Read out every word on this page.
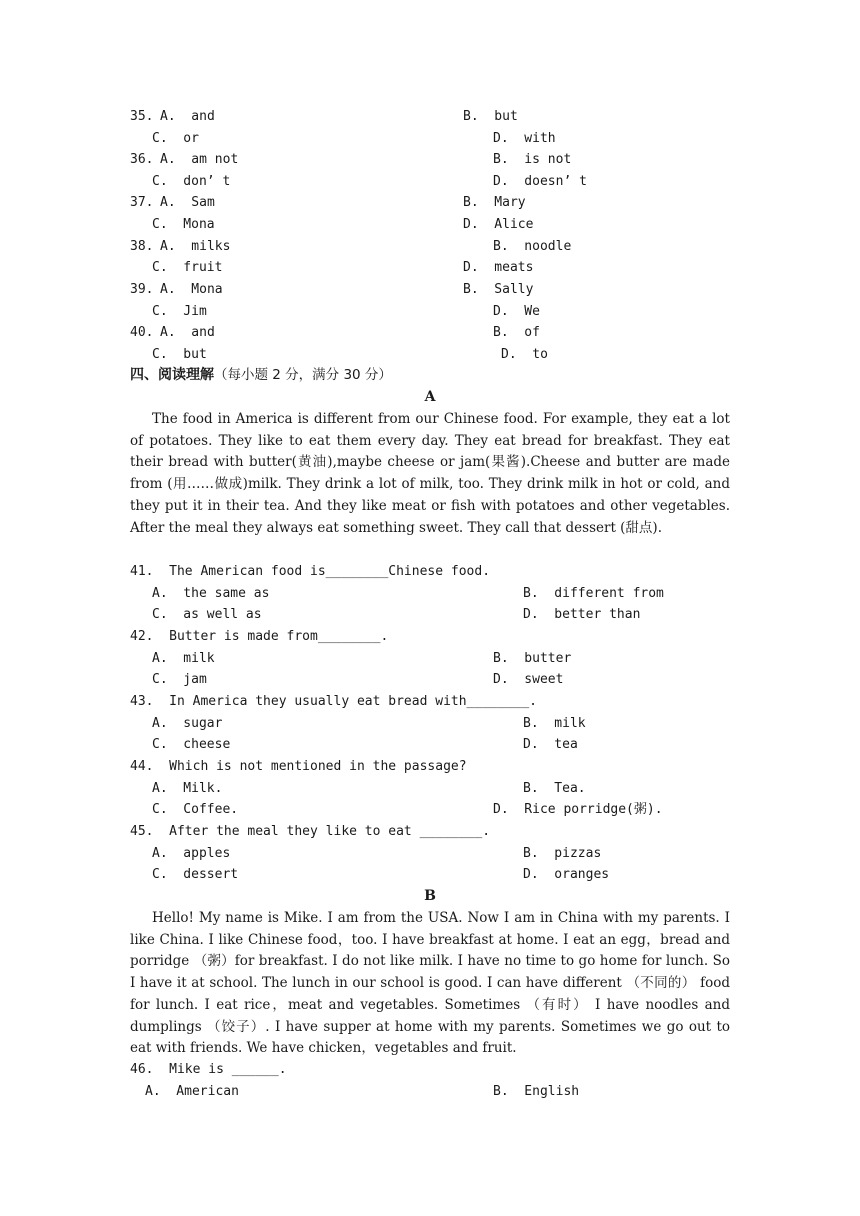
35. A.  and	B.  but
C.  or	D.  with
36. A.  am not	B.  is not
C.  don’ t	D.  doesn’ t
37. A.  Sam	B.  Mary
C.  Mona	D.  Alice
38. A.  milks	B.  noodle
C.  fruit	D.  meats
39. A.  Mona	B.  Sally
C.  Jim	D.  We
40. A.  and	B.  of
C.  but	D.  to
四、阅读理解（每小题 2 分，满分 30 分）
A

The food in America is different from our Chinese food. For example, they eat a lot of potatoes. They like to eat them every day. They eat bread for breakfast. They eat their bread with butter(黄油),maybe cheese or jam(果酱).Cheese and butter are made from (用……做成)milk. They drink a lot of milk, too. They drink milk in hot or cold, and they put it in their tea. And they like meat or fish with potatoes and other vegetables. After the meal they always eat something sweet. They call that dessert (甜点).

41.  The American food is________Chinese food.
A.  the same as	B.  different from
C.  as well as	D.  better than
42.  Butter is made from________.
A.  milk	B.  butter
C.  jam	D.  sweet
43.  In America they usually eat bread with________.
A.  sugar	B.  milk
C.  cheese	D.  tea
44.  Which is not mentioned in the passage?
A.  Milk.	B.  Tea.
C.  Coffee.	D.  Rice porridge(粥).
45.  After the meal they like to eat ________.
A.  apples	B.  pizzas
C.  dessert	D.  oranges
B

Hello! My name is Mike. I am from the USA. Now I am in China with my parents. I like China. I like Chinese food，too. I have breakfast at home. I eat an egg，bread and porridge （粥）for breakfast. I do not like milk. I have no time to go home for lunch. So I have it at school. The lunch in our school is good. I can have different （不同的） food for lunch. I eat rice，meat and vegetables. Sometimes （有时） I have noodles and dumplings （饺子）. I have supper at home with my parents. Sometimes we go out to eat with friends. We have chicken，vegetables and fruit.

46.  Mike is ______.
A.  American	B.  English
